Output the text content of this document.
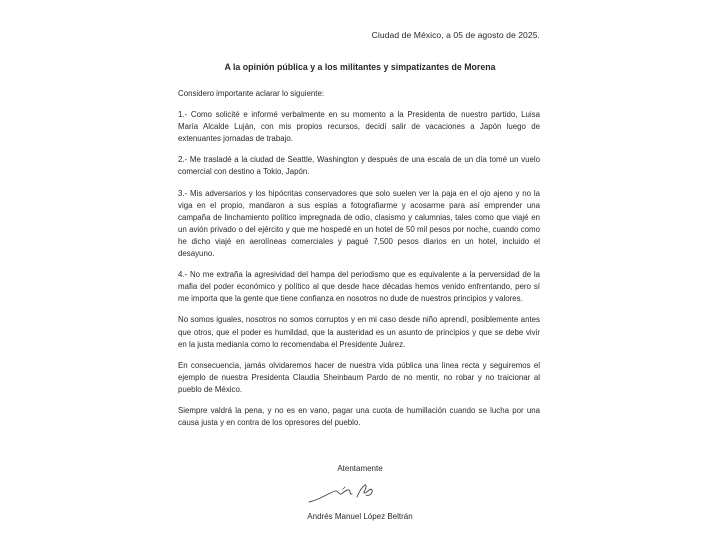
Ciudad de México, a 05 de agosto de 2025.
A la opinión pública y a los militantes y simpatizantes de Morena

Considero importante aclarar lo siguiente:

1.- Como solicité e informé verbalmente en su momento a la Presidenta de nuestro partido, Luisa María Alcalde Luján, con mis propios recursos, decidí salir de vacaciones a Japón luego de extenuantes jornadas de trabajo.

2.- Me trasladé a la ciudad de Seattle, Washington y después de una escala de un día tomé un vuelo comercial con destino a Tokio, Japón.

3.- Mis adversarios y los hipócritas conservadores que solo suelen ver la paja en el ojo ajeno y no la viga en el propio, mandaron a sus espías a fotografiarme y acosarme para así emprender una campaña de linchamiento político impregnada de odio, clasismo y calumnias, tales como que viajé en un avión privado o del ejército y que me hospedé en un hotel de 50 mil pesos por noche, cuando como he dicho viajé en aerolíneas comerciales y pagué 7,500 pesos diarios en un hotel, incluido el desayuno.

4.- No me extraña la agresividad del hampa del periodismo que es equivalente a la perversidad de la mafia del poder económico y político al que desde hace décadas hemos venido enfrentando, pero sí me importa que la gente que tiene confianza en nosotros no dude de nuestros principios y valores.

No somos iguales, nosotros no somos corruptos y en mi caso desde niño aprendí, posiblemente antes que otros, que el poder es humildad, que la austeridad es un asunto de principios y que se debe vivir en la justa medianía como lo recomendaba el Presidente Juárez.

En consecuencia, jamás olvidaremos hacer de nuestra vida pública una línea recta y seguiremos el ejemplo de nuestra Presidenta Claudia Sheinbaum Pardo de no mentir, no robar y no traicionar al pueblo de México.

Siempre valdrá la pena, y no es en vano, pagar una cuota de humillación cuando se lucha por una causa justa y en contra de los opresores del pueblo.

Atentamente
Andrés Manuel López Beltrán
